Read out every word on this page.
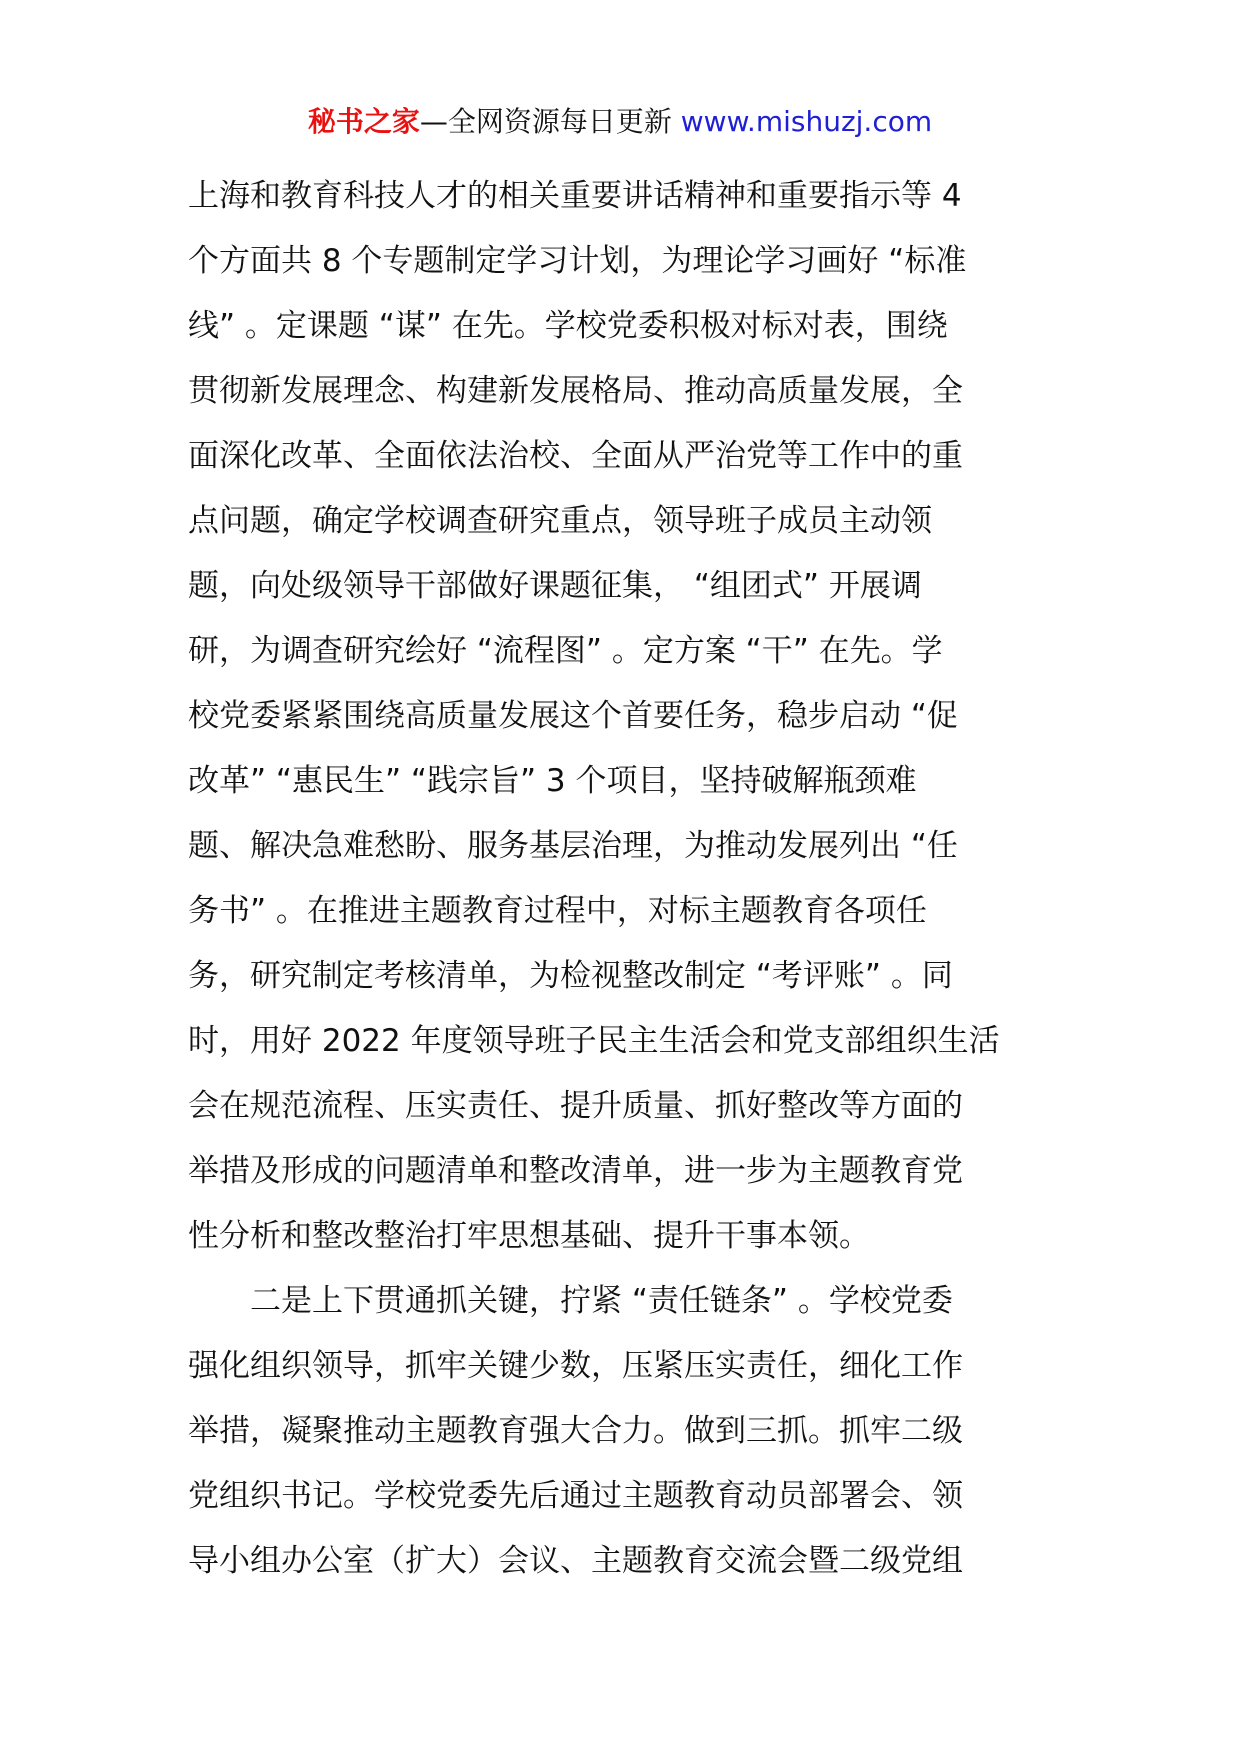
秘书之家—全网资源每日更新 www.mishuzj.com
上海和教育科技人才的相关重要讲话精神和重要指示等 4
个方面共 8 个专题制定学习计划，为理论学习画好 “标准
线” 。定课题 “谋” 在先。学校党委积极对标对表，围绕
贯彻新发展理念、构建新发展格局、推动高质量发展，全
面深化改革、全面依法治校、全面从严治党等工作中的重
点问题，确定学校调查研究重点，领导班子成员主动领
题，向处级领导干部做好课题征集， “组团式” 开展调
研，为调查研究绘好 “流程图” 。定方案 “干” 在先。学
校党委紧紧围绕高质量发展这个首要任务，稳步启动 “促
改革” “惠民生” “践宗旨” 3 个项目，坚持破解瓶颈难
题、解决急难愁盼、服务基层治理，为推动发展列出 “任
务书” 。在推进主题教育过程中，对标主题教育各项任
务，研究制定考核清单，为检视整改制定 “考评账” 。同
时，用好 2022 年度领导班子民主生活会和党支部组织生活
会在规范流程、压实责任、提升质量、抓好整改等方面的
举措及形成的问题清单和整改清单，进一步为主题教育党
性分析和整改整治打牢思想基础、提升干事本领。
二是上下贯通抓关键，拧紧 “责任链条” 。学校党委
强化组织领导，抓牢关键少数，压紧压实责任，细化工作
举措，凝聚推动主题教育强大合力。做到三抓。抓牢二级
党组织书记。学校党委先后通过主题教育动员部署会、领
导小组办公室（扩大）会议、主题教育交流会暨二级党组
